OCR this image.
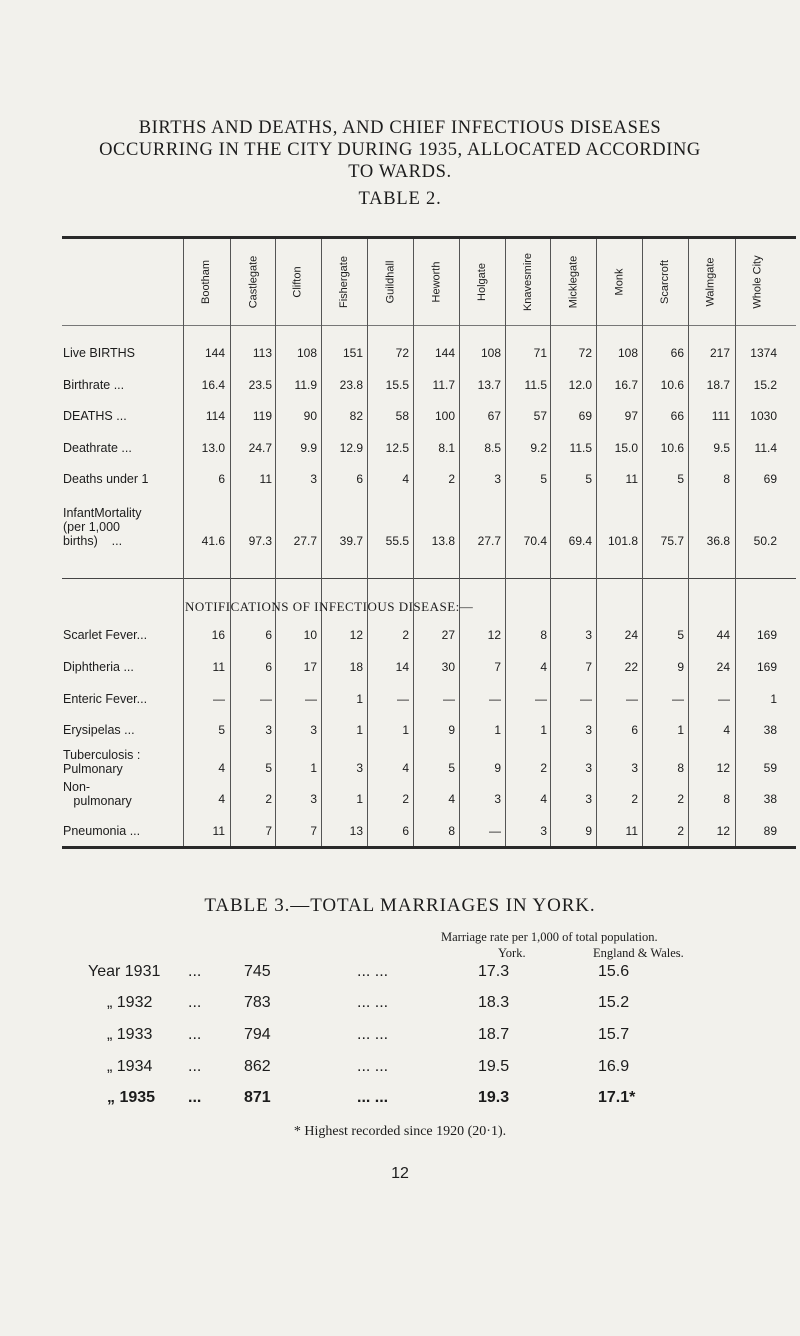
BIRTHS AND DEATHS, AND CHIEF INFECTIOUS DISEASES
OCCURRING IN THE CITY DURING 1935, ALLOCATED ACCORDING
TO WARDS.
TABLE 2.
Bootham	Castlegate	Clifton	Fishergate	Guildhall	Heworth	Holgate	Knavesmire	Micklegate	Monk	Scarcroft	Walmgate	Whole City
Live BIRTHS	144	113	108	151	72	144	108	71	72	108	66	217	1374
Birthrate ...	16.4	23.5	11.9	23.8	15.5	11.7	13.7	11.5	12.0	16.7	10.6	18.7	15.2
DEATHS ...	114	119	90	82	58	100	67	57	69	97	66	111	1030
Deathrate ...	13.0	24.7	9.9	12.9	12.5	8.1	8.5	9.2	11.5	15.0	10.6	9.5	11.4
Deaths under 1	6	11	3	6	4	2	3	5	5	11	5	8	69
InfantMortality
(per 1,000
births)    ...	41.6	97.3	27.7	39.7	55.5	13.8	27.7	70.4	69.4	101.8	75.7	36.8	50.2
Scarlet Fever...	16	6	10	12	2	27	12	8	3	24	5	44	169
Diphtheria ...	11	6	17	18	14	30	7	4	7	22	9	24	169
Enteric Fever...	—	—	—	1	—	—	—	—	—	—	—	—	1
Erysipelas ...	5	3	3	1	1	9	1	1	3	6	1	4	38
Tuberculosis :
Pulmonary	4	5	1	3	4	5	9	2	3	3	8	12	59
Non-
pulmonary	4	2	3	1	2	4	3	4	3	2	2	8	38
Pneumonia ...	11	7	7	13	6	8	—	3	9	11	2	12	89
NOTIFICATIONS OF INFECTIOUS DISEASE:—
TABLE 3.—TOTAL MARRIAGES IN YORK.
Marriage rate per 1,000 of total population.
York.	England & Wales.
Year 1931 ...	745	... ...	17.3	15.6
„ 1932 ...	783	... ...	18.3	15.2
„ 1933 ...	794	... ...	18.7	15.7
„ 1934 ...	862	... ...	19.5	16.9
„ 1935 ...	871	... ...	19.3	17.1*
* Highest recorded since 1920 (20·1).
12
